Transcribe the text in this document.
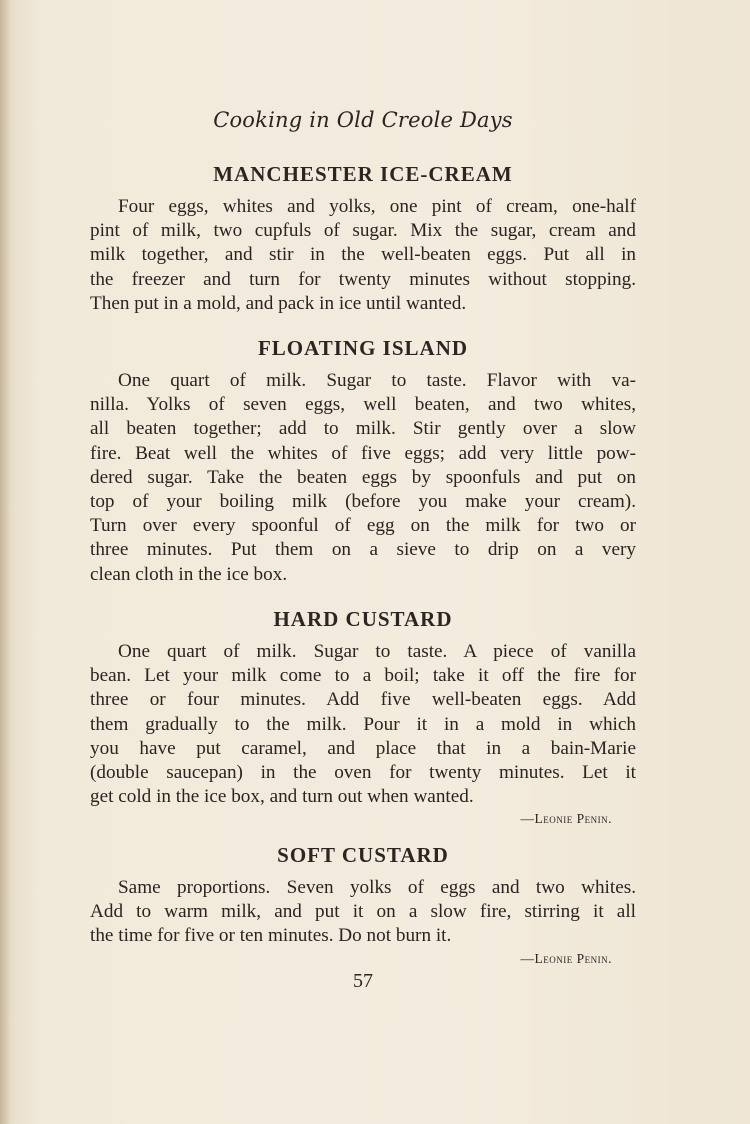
Cooking in Old Creole Days
MANCHESTER ICE-CREAM

Four eggs, whites and yolks, one pint of cream, one-half
pint of milk, two cupfuls of sugar. Mix the sugar, cream and
milk together, and stir in the well-beaten eggs. Put all in
the freezer and turn for twenty minutes without stopping.
Then put in a mold, and pack in ice until wanted.

FLOATING ISLAND

One quart of milk. Sugar to taste. Flavor with va-
nilla. Yolks of seven eggs, well beaten, and two whites,
all beaten together; add to milk. Stir gently over a slow
fire. Beat well the whites of five eggs; add very little pow-
dered sugar. Take the beaten eggs by spoonfuls and put on
top of your boiling milk (before you make your cream).
Turn over every spoonful of egg on the milk for two or
three minutes. Put them on a sieve to drip on a very
clean cloth in the ice box.

HARD CUSTARD

One quart of milk. Sugar to taste. A piece of vanilla
bean. Let your milk come to a boil; take it off the fire for
three or four minutes. Add five well-beaten eggs. Add
them gradually to the milk. Pour it in a mold in which
you have put caramel, and place that in a bain-Marie
(double saucepan) in the oven for twenty minutes. Let it
get cold in the ice box, and turn out when wanted.

—Leonie Penin.

SOFT CUSTARD

Same proportions. Seven yolks of eggs and two whites.
Add to warm milk, and put it on a slow fire, stirring it all
the time for five or ten minutes. Do not burn it.

—Leonie Penin.

57
